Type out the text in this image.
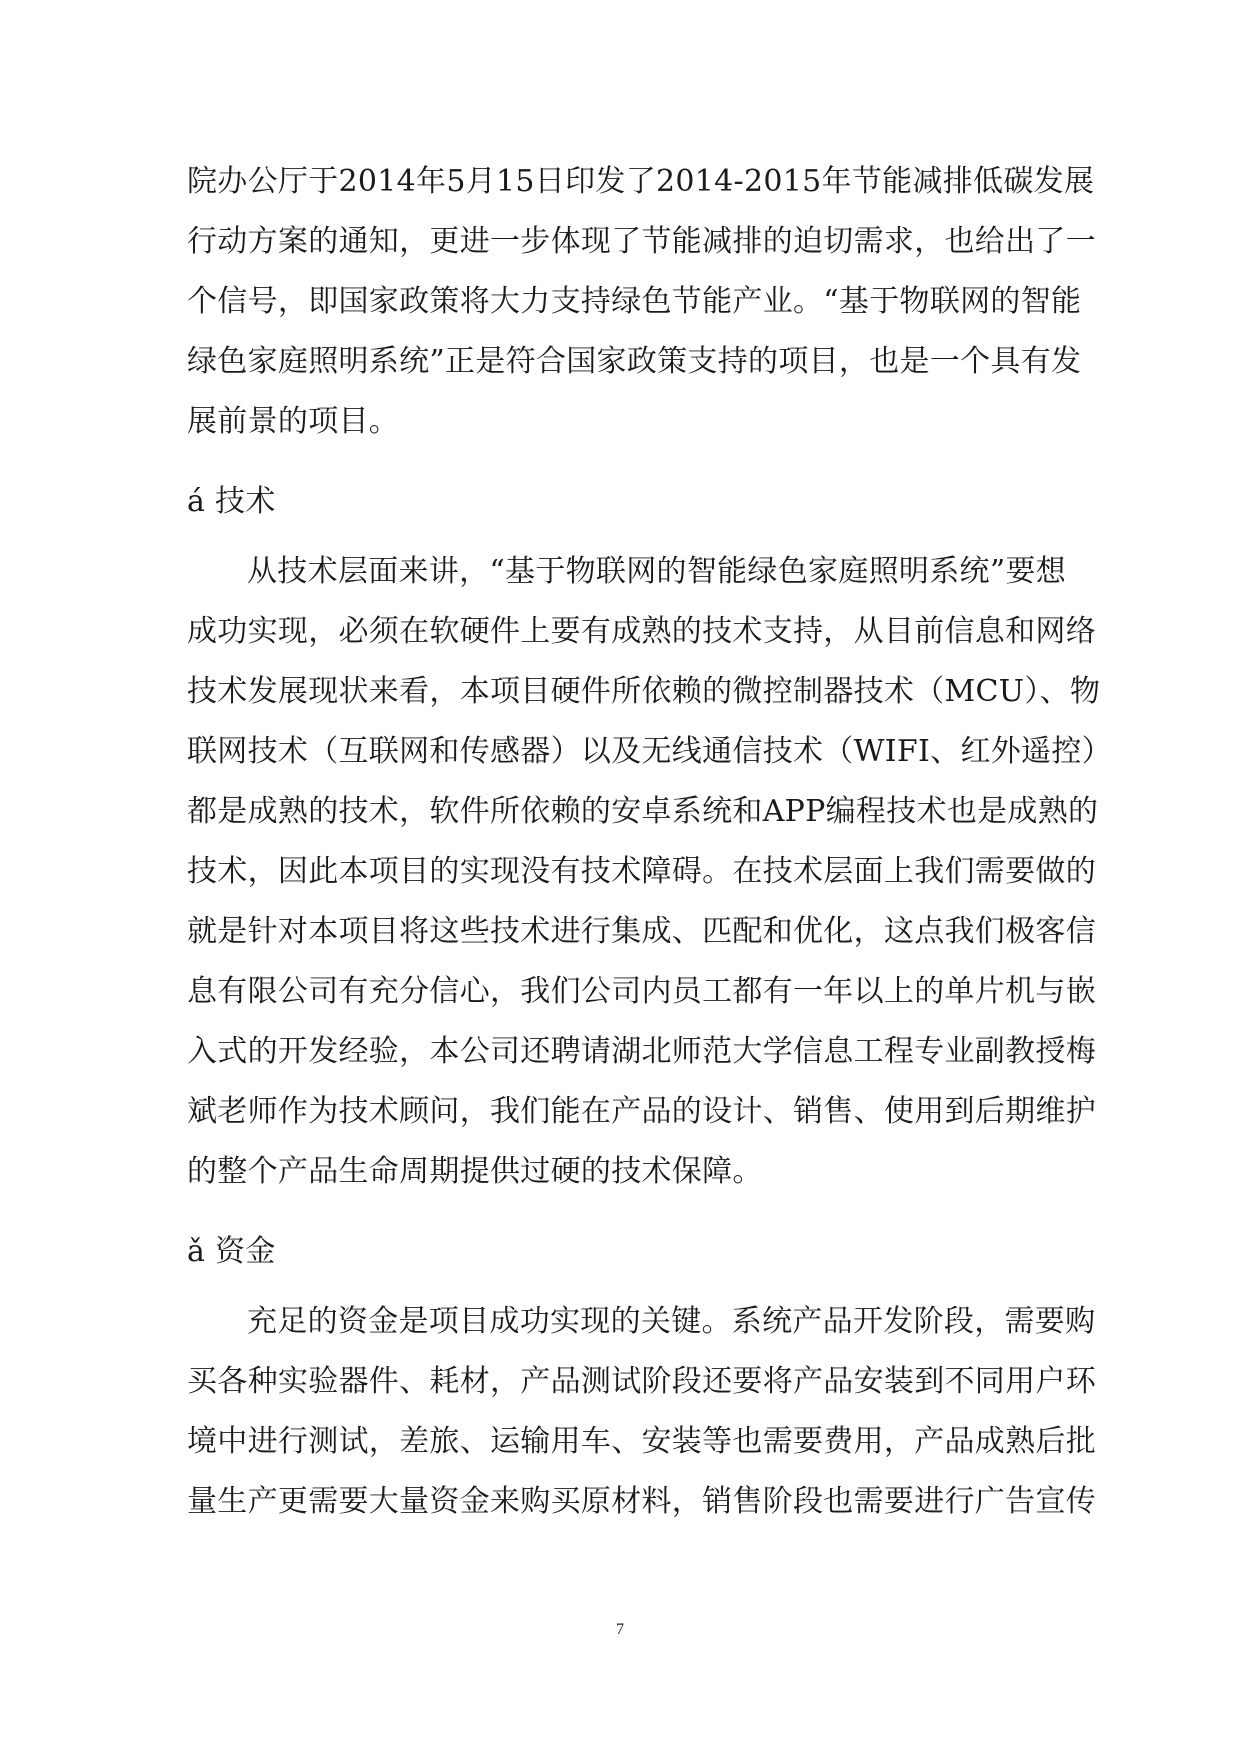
院办公厅于2014年5月15日印发了2014-2015年节能减排低碳发展
行动方案的通知，更进一步体现了节能减排的迫切需求，也给出了一
个信号，即国家政策将大力支持绿色节能产业。“基于物联网的智能
绿色家庭照明系统”正是符合国家政策支持的项目，也是一个具有发
展前景的项目。
á 技术
从技术层面来讲，“基于物联网的智能绿色家庭照明系统”要想
成功实现，必须在软硬件上要有成熟的技术支持，从目前信息和网络
技术发展现状来看，本项目硬件所依赖的微控制器技术（MCU）、物
联网技术（互联网和传感器）以及无线通信技术（WIFI、红外遥控）
都是成熟的技术，软件所依赖的安卓系统和APP编程技术也是成熟的
技术，因此本项目的实现没有技术障碍。在技术层面上我们需要做的
就是针对本项目将这些技术进行集成、匹配和优化，这点我们极客信
息有限公司有充分信心，我们公司内员工都有一年以上的单片机与嵌
入式的开发经验，本公司还聘请湖北师范大学信息工程专业副教授梅
斌老师作为技术顾问，我们能在产品的设计、销售、使用到后期维护
的整个产品生命周期提供过硬的技术保障。
ǎ 资金
充足的资金是项目成功实现的关键。系统产品开发阶段，需要购
买各种实验器件、耗材，产品测试阶段还要将产品安装到不同用户环
境中进行测试，差旅、运输用车、安装等也需要费用，产品成熟后批
量生产更需要大量资金来购买原材料，销售阶段也需要进行广告宣传
7
